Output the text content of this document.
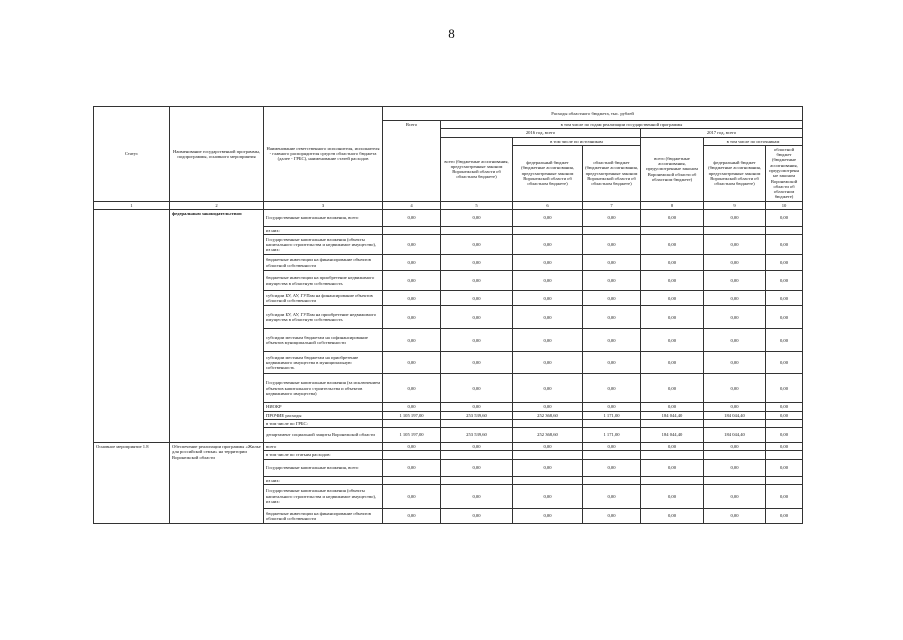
8
Статус	Наименование государственной программы, подпрограммы, основного мероприятия	Наименование ответственного исполнителя, исполнителя - главного распорядителя средств областного бюджета (далее - ГРБС), наименование статей расходов	Расходы областного бюджета, тыс. рублей						
			Всего	в том числе по годам реализации государственной программы					
				2016 год, всего			2017 год, всего		
				всего (бюджетные ассигнования, предусмотренные законом Воронежской области об областном бюджете)	в том числе по источникам		всего (бюджетные ассигнования, предусмотренные законом Воронежской области об областном бюджете)	в том числе по источникам	
					федеральный бюджет (бюджетные ассигнования, предусмотренные законом Воронежской области об областном бюджете)	областной бюджет (бюджетные ассигнования, предусмотренные законом Воронежской области об областном бюджете)		федеральный бюджет (бюджетные ассигнования, предусмотренные законом Воронежской области об областном бюджете)	областной бюджет (бюджетные ассигнования, предусмотренные законом Воронежской области об областном бюджете)
1	2	3	4	5	6	7	8	9	10
	федеральным законодательством	Государственные капитальные вложения, всего	0,00	0,00	0,00	0,00	0,00	0,00	0,00
		из них:							
		Государственные капитальные вложения (объекты капитального строительства и недвижимое имущество), из них:	0,00	0,00	0,00	0,00	0,00	0,00	0,00
		бюджетные инвестиции на финансирование объектов областной собственности	0,00	0,00	0,00	0,00	0,00	0,00	0,00
		бюджетные инвестиции на приобретение недвижимого имущества в областную собственность	0,00	0,00	0,00	0,00	0,00	0,00	0,00
		субсидии БУ, АУ, ГУПам на финансирование объектов областной собственности	0,00	0,00	0,00	0,00	0,00	0,00	0,00
		субсидии БУ, АУ, ГУПам на приобретение недвижимого имущества в областную собственность	0,00	0,00	0,00	0,00	0,00	0,00	0,00
		субсидии местным бюджетам на софинансирование объектов муниципальной собственности	0,00	0,00	0,00	0,00	0,00	0,00	0,00
		субсидии местным бюджетам на приобретение недвижимого имущества в муниципальную собственность	0,00	0,00	0,00	0,00	0,00	0,00	0,00
		Государственные капитальные вложения (за исключением объектов капитального строительства и объектов недвижимого имущества)	0,00	0,00	0,00	0,00	0,00	0,00	0,00
		НИОКР	0,00	0,00	0,00	0,00	0,00	0,00	0,00
		ПРОЧИЕ расходы	1 105 197,00	253 539,60	252 368,60	1 171,00	184 044,40	184 044,40	0,00
		в том числе по ГРБС:							
		департамент социальной защиты Воронежской области	1 105 197,00	253 539,60	252 368,60	1 171,00	184 044,40	184 044,40	0,00
Основное мероприятие 1.8	Обеспечение реализации программы «Жилье для российской семьи» на территории Воронежской области	всего	0,00	0,00	0,00	0,00	0,00	0,00	0,00
		в том числе по статьям расходов:							
		Государственные капитальные вложения, всего	0,00	0,00	0,00	0,00	0,00	0,00	0,00
		из них:							
		Государственные капитальные вложения (объекты капитального строительства и недвижимое имущество), из них:	0,00	0,00	0,00	0,00	0,00	0,00	0,00
		бюджетные инвестиции на финансирование объектов областной собственности	0,00	0,00	0,00	0,00	0,00	0,00	0,00
